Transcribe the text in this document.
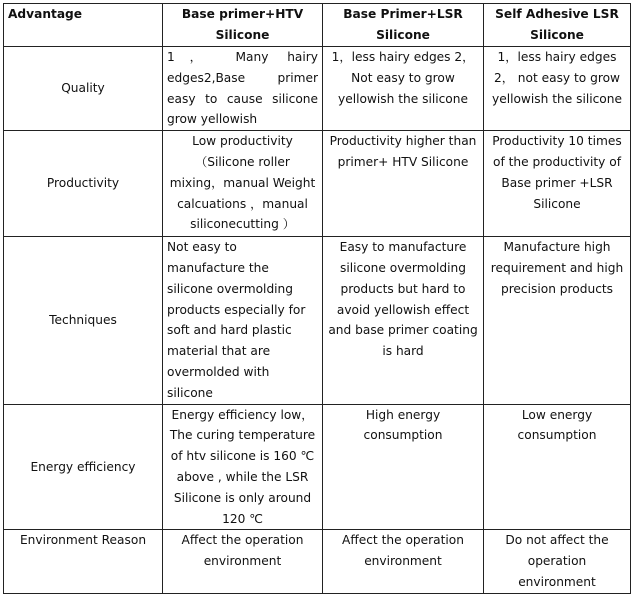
Advantage	Base primer+HTV Silicone	Base Primer+LSR Silicone	Self Adhesive LSR Silicone
Quality	1， Many hairy edges2,Base primer easy to cause silicone grow yellowish	1，less hairy edges 2， Not easy to grow yellowish the silicone	1，less hairy edges 2， not easy to grow yellowish the silicone
Productivity	Low productivity （Silicone roller mixing，manual Weight calcuations ，manual siliconecutting ）	Productivity higher than primer+ HTV Silicone	Productivity 10 times of the productivity of Base primer +LSR Silicone
Techniques	Not easy to manufacture the silicone overmolding products especially for soft and hard plastic material that are overmolded with silicone	Easy to manufacture silicone overmolding products but hard to avoid yellowish effect and base primer coating is hard	Manufacture high requirement and high precision products
Energy efficiency	Energy efficiency low，The curing temperature of htv silicone is 160 ℃ above , while the LSR Silicone is only around 120 ℃	High energy consumption	Low energy consumption
Environment Reason	Affect the operation environment	Affect the operation environment	Do not affect the operation environment
